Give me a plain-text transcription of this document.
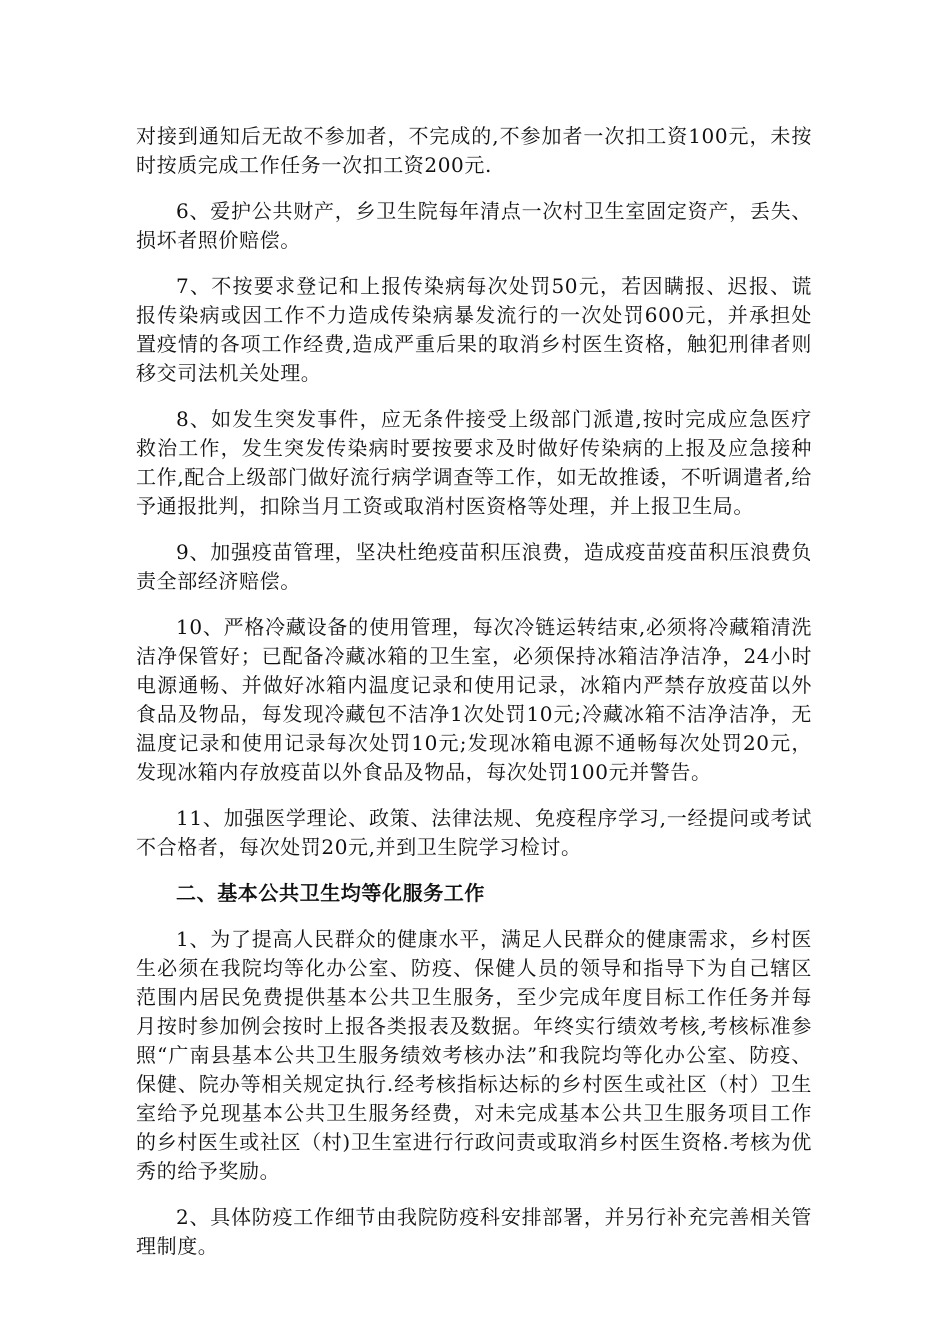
对接到通知后无故不参加者，不完成的,不参加者一次扣工资100元，未按时按质完成工作任务一次扣工资200元.

6、爱护公共财产，乡卫生院每年清点一次村卫生室固定资产，丢失、损坏者照价赔偿。

7、不按要求登记和上报传染病每次处罚50元，若因瞒报、迟报、谎报传染病或因工作不力造成传染病暴发流行的一次处罚600元，并承担处置疫情的各项工作经费,造成严重后果的取消乡村医生资格，触犯刑律者则移交司法机关处理。

8、如发生突发事件，应无条件接受上级部门派遣,按时完成应急医疗救治工作，发生突发传染病时要按要求及时做好传染病的上报及应急接种工作,配合上级部门做好流行病学调查等工作，如无故推诿，不听调遣者,给予通报批判，扣除当月工资或取消村医资格等处理，并上报卫生局。

9、加强疫苗管理，坚决杜绝疫苗积压浪费，造成疫苗疫苗积压浪费负责全部经济赔偿。

10、严格冷藏设备的使用管理，每次冷链运转结束,必须将冷藏箱清洗洁净保管好；已配备冷藏冰箱的卫生室，必须保持冰箱洁净洁净，24小时电源通畅、并做好冰箱内温度记录和使用记录，冰箱内严禁存放疫苗以外食品及物品，每发现冷藏包不洁净1次处罚10元;冷藏冰箱不洁净洁净，无温度记录和使用记录每次处罚10元;发现冰箱电源不通畅每次处罚20元，发现冰箱内存放疫苗以外食品及物品，每次处罚100元并警告。

11、加强医学理论、政策、法律法规、免疫程序学习,一经提问或考试不合格者，每次处罚20元,并到卫生院学习检讨。

二、基本公共卫生均等化服务工作

1、为了提高人民群众的健康水平，满足人民群众的健康需求，乡村医生必须在我院均等化办公室、防疫、保健人员的领导和指导下为自己辖区范围内居民免费提供基本公共卫生服务，至少完成年度目标工作任务并每月按时参加例会按时上报各类报表及数据。年终实行绩效考核,考核标准参照“广南县基本公共卫生服务绩效考核办法”和我院均等化办公室、防疫、保健、院办等相关规定执行.经考核指标达标的乡村医生或社区（村）卫生室给予兑现基本公共卫生服务经费，对未完成基本公共卫生服务项目工作的乡村医生或社区（村)卫生室进行行政问责或取消乡村医生资格.考核为优秀的给予奖励。

2、具体防疫工作细节由我院防疫科安排部署，并另行补充完善相关管理制度。
